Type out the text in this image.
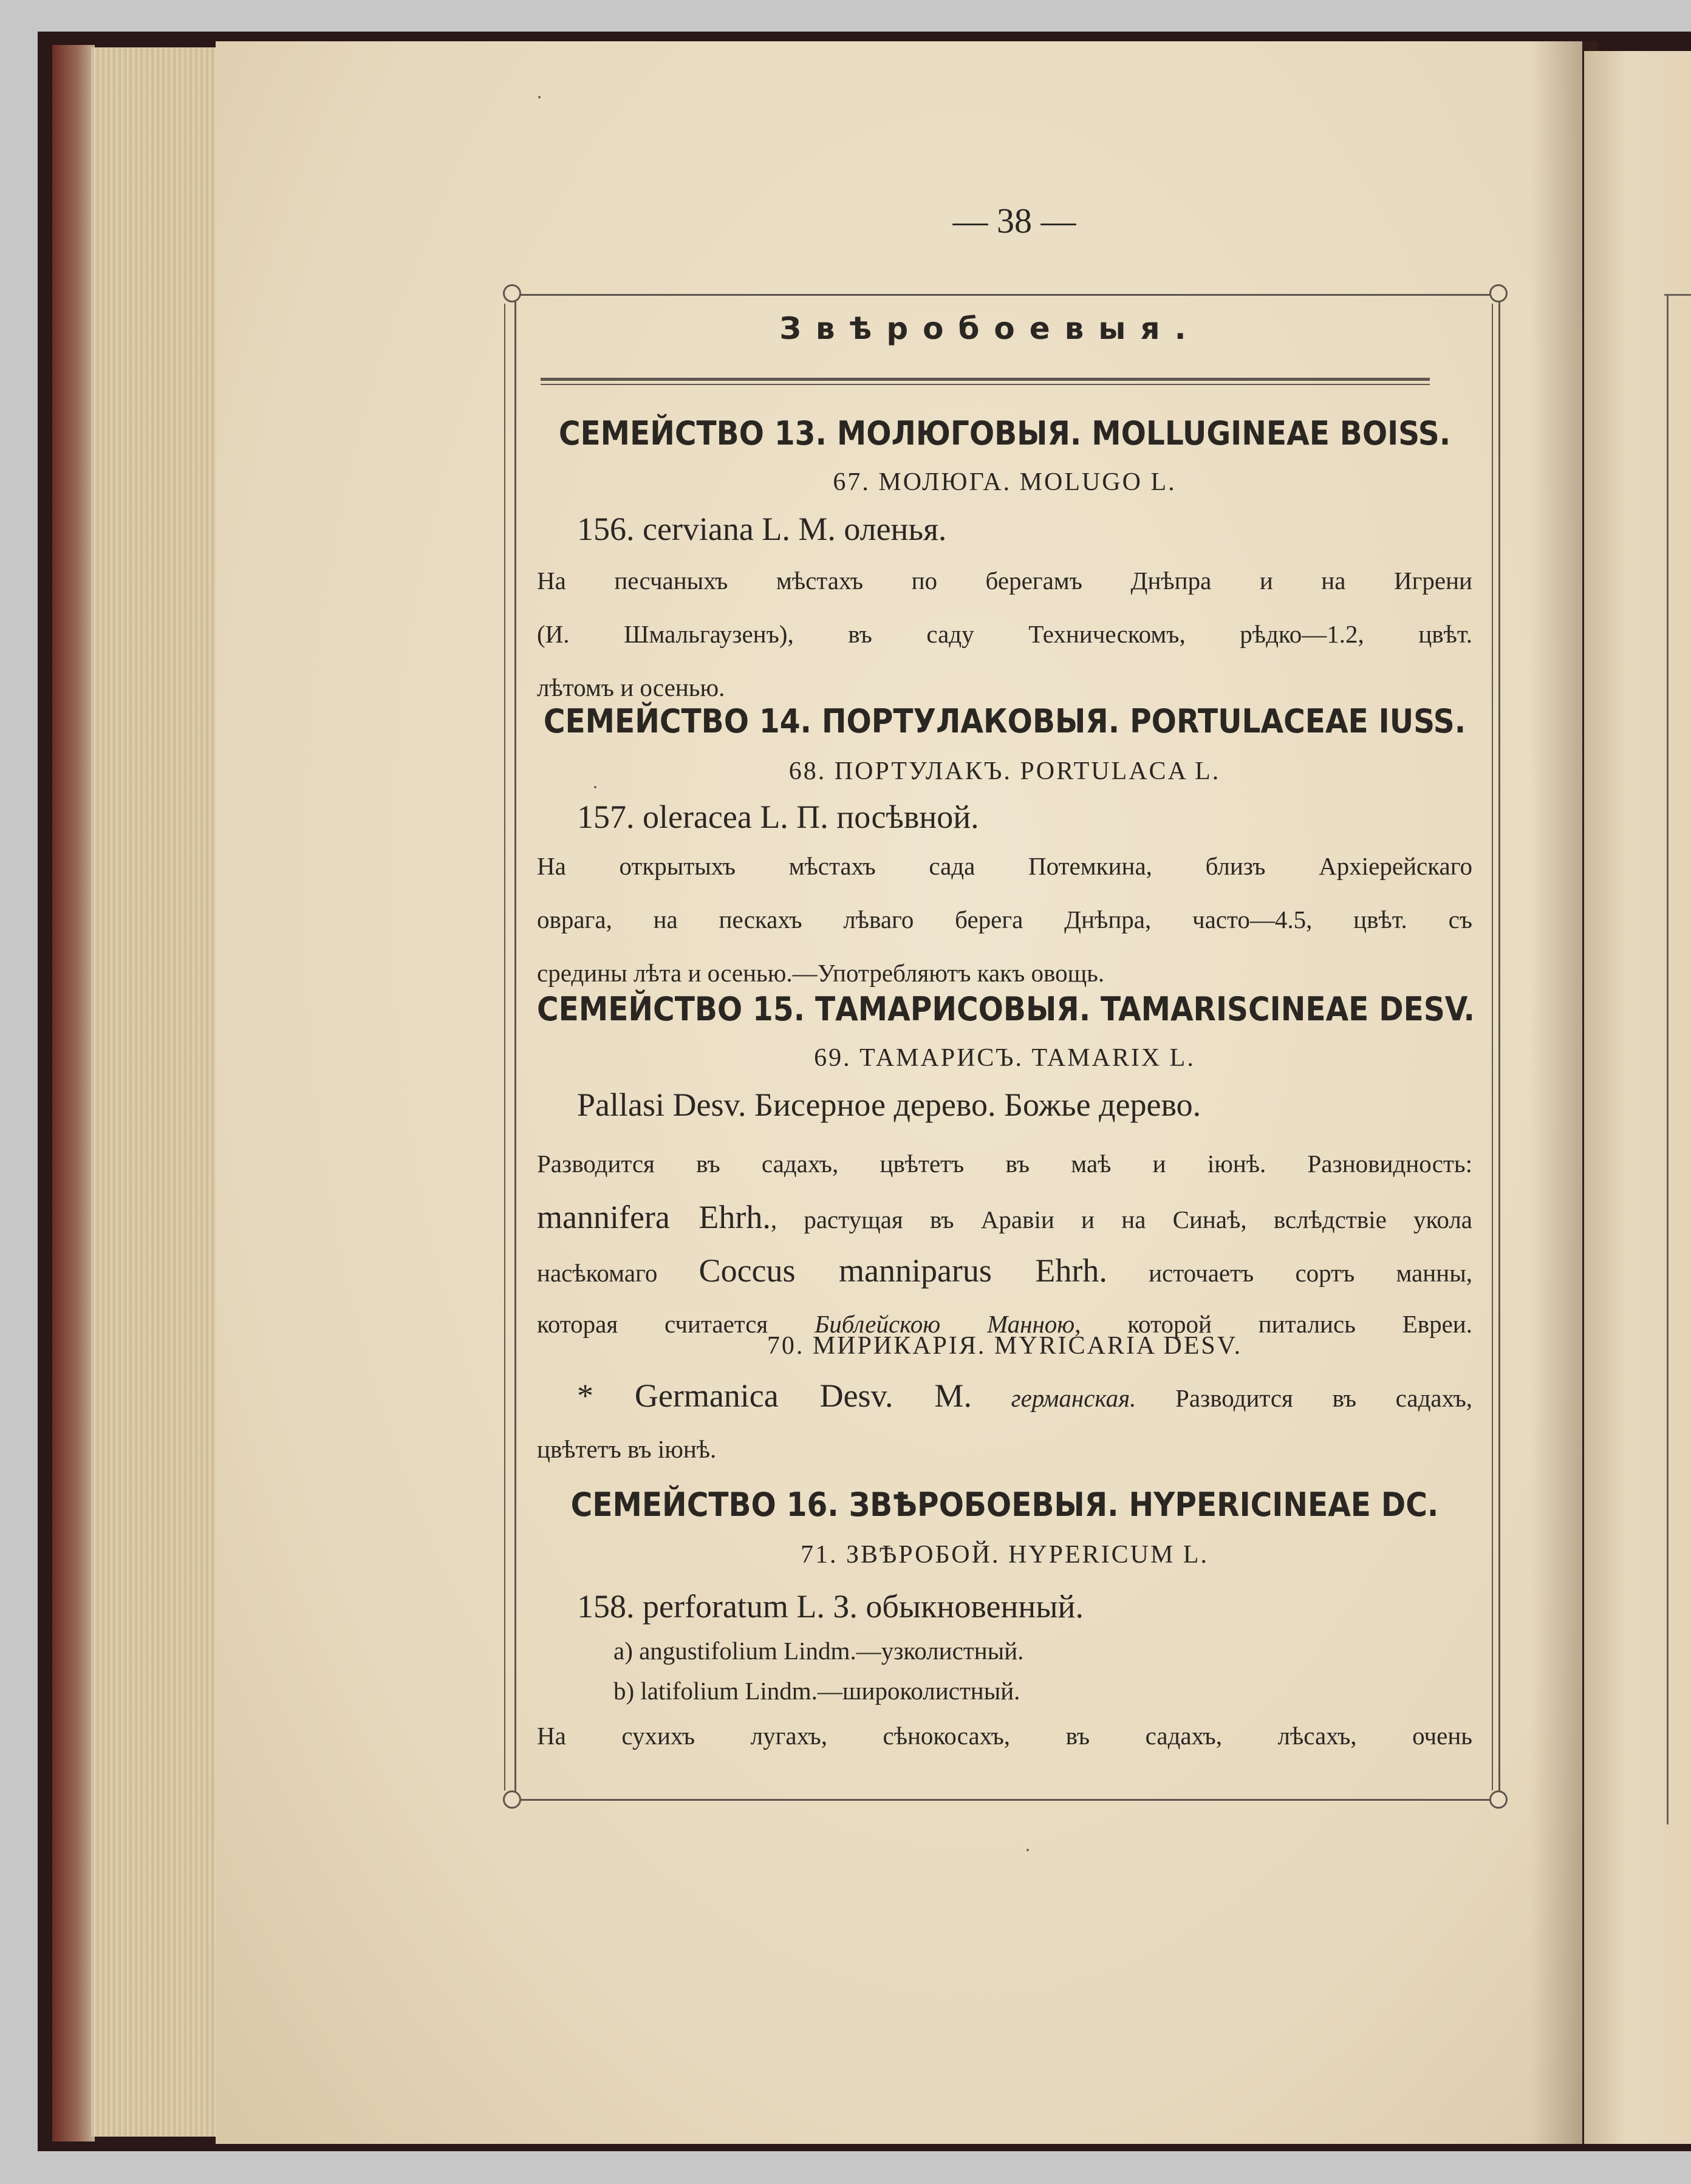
— 38 —
Звѣробоевыя.
СЕМЕЙСТВО 13. МОЛЮГОВЫЯ. MOLLUGINEAE BOISS.
67. МОЛЮГА. MOLUGO L.
156. cerviana L. M. оленья.
На песчаныхъ мѣстахъ по берегамъ Днѣпра и на Игрени
(И. Шмальгаузенъ), въ саду Техническомъ, рѣдко—1.2, цвѣт.
лѣтомъ и осенью.
СЕМЕЙСТВО 14. ПОРТУЛАКОВЫЯ. PORTULACEAE IUSS.
68. ПОРТУЛАКЪ. PORTULACA L.
157. oleracea L. П. посѣвной.
На открытыхъ мѣстахъ сада Потемкина, близъ Архіерейскаго
оврага, на пескахъ лѣваго берега Днѣпра, часто—4.5, цвѣт. съ
средины лѣта и осенью.—Употребляютъ какъ овощь.
СЕМЕЙСТВО 15. ТАМАРИСОВЫЯ. TAMARISCINEAE DESV.
69. ТАМАРИСЪ. TAMARIX L.
Pallasi Desv. Бисерное дерево. Божье дерево.
Разводится въ садахъ, цвѣтетъ въ маѣ и іюнѣ. Разновидность:
mannifera Ehrh., растущая въ Аравіи и на Синаѣ, вслѣдствіе укола
насѣкомаго Coccus manniparus Ehrh. источаетъ сортъ манны,
которая считается Библейскою Манною, которой питались Евреи.
70. МИРИКАРІЯ. MYRICARIA DESV.
* Germanica Desv. M. германская. Разводится въ садахъ,
цвѣтетъ въ іюнѣ.
СЕМЕЙСТВО 16. ЗВѢРОБОЕВЫЯ. HYPERICINEAE DC.
71. ЗВѢРОБОЙ. HYPERICUM L.
158. perforatum L. З. обыкновенный.
a) angustifolium Lindm.—узколистный.
b) latifolium Lindm.—широколистный.
На сухихъ лугахъ, сѣнокосахъ, въ садахъ, лѣсахъ, очень
